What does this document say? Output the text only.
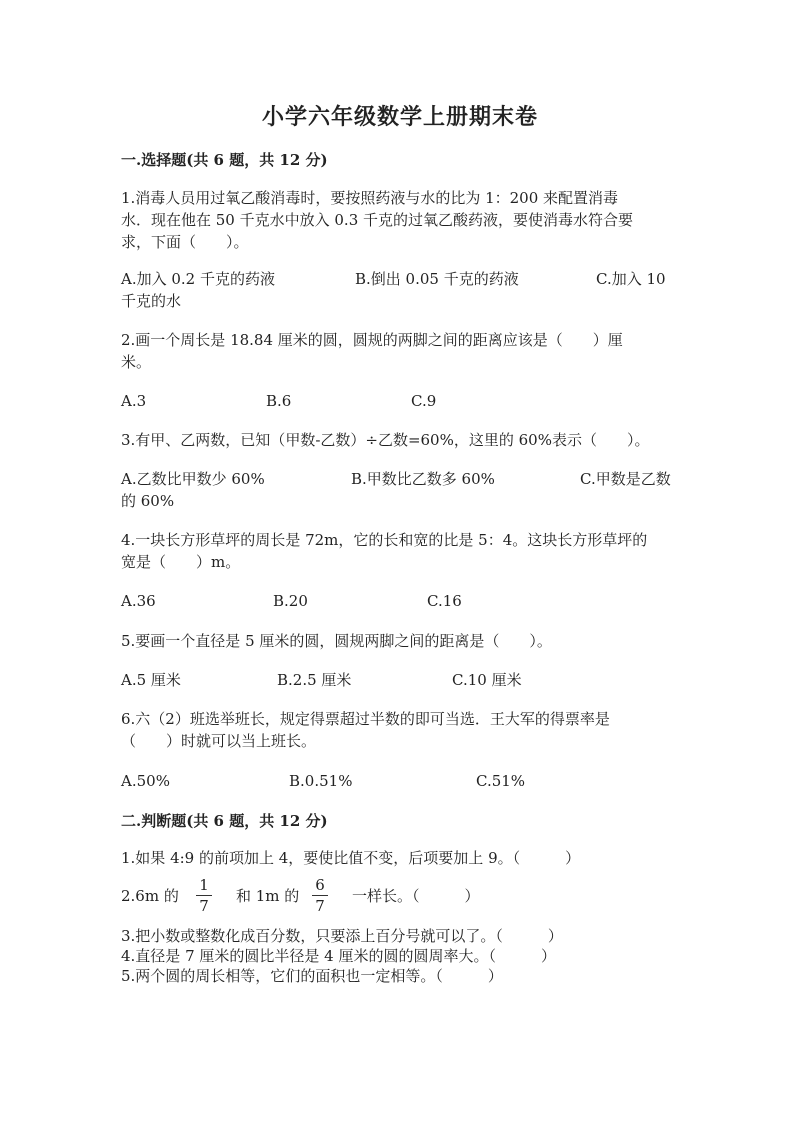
小学六年级数学上册期末卷
一.选择题(共 6 题，共 12 分)
1.消毒人员用过氧乙酸消毒时，要按照药液与水的比为 1：200 来配置消毒
水．现在他在 50 千克水中放入 0.3 千克的过氧乙酸药液，要使消毒水符合要
求，下面（　　）。
A.加入 0.2 千克的药液	B.倒出 0.05 千克的药液	C.加入 10
千克的水
2.画一个周长是 18.84 厘米的圆，圆规的两脚之间的距离应该是（　　）厘
米。
A.3	B.6	C.9
3.有甲、乙两数，已知（甲数-乙数）÷乙数=60%，这里的 60%表示（　　）。
A.乙数比甲数少 60%	B.甲数比乙数多 60%	C.甲数是乙数
的 60%
4.一块长方形草坪的周长是 72m，它的长和宽的比是 5：4。这块长方形草坪的
宽是（　　）m。
A.36	B.20	C.16
5.要画一个直径是 5 厘米的圆，圆规两脚之间的距离是（　　）。
A.5 厘米	B.2.5 厘米	C.10 厘米
6.六（2）班选举班长，规定得票超过半数的即可当选．王大军的得票率是
（　　）时就可以当上班长。
A.50%	B.0.51%	C.51%
二.判断题(共 6 题，共 12 分)
1.如果 4:9 的前项加上 4，要使比值不变，后项要加上 9。（　　　）
2.6m 的
1
7
和 1m 的
6
7
一样长。（　　　）
3.把小数或整数化成百分数，只要添上百分号就可以了。（　　　）
4.直径是 7 厘米的圆比半径是 4 厘米的圆的圆周率大。（　　　）
5.两个圆的周长相等，它们的面积也一定相等。（　　　）
